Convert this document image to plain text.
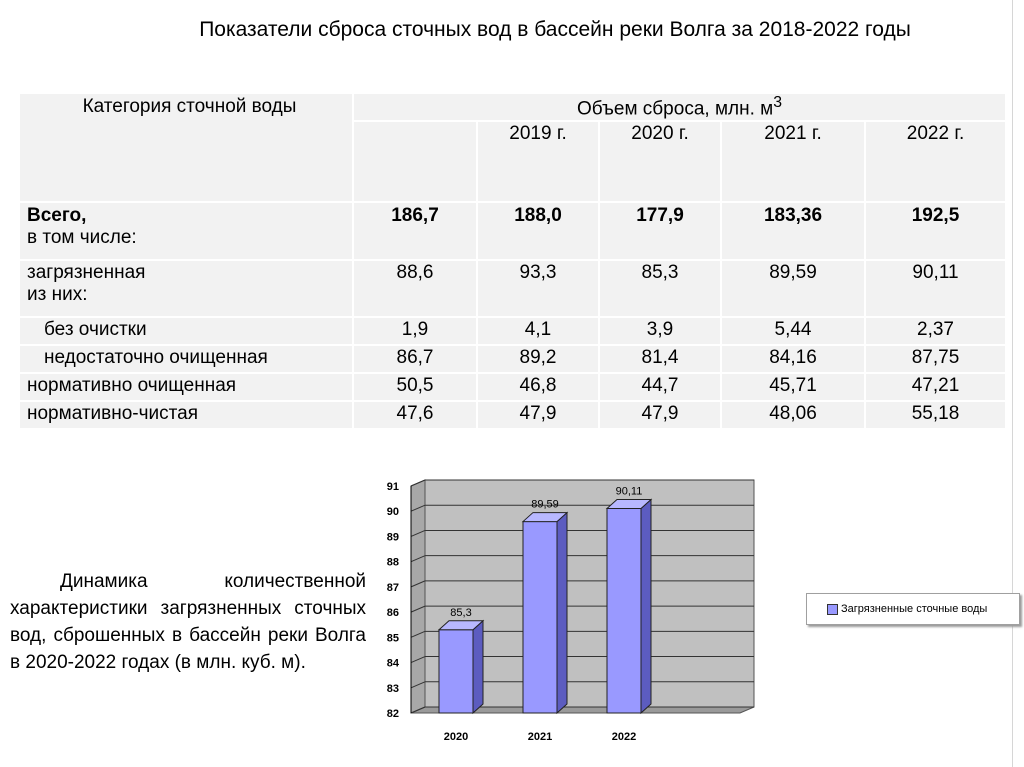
Показатели сброса сточных вод в бассейн реки Волга за 2018-2022 годы
Категория сточной воды	Объем сброса, млн. $м^3$
		2019 г.	2020 г.	2021 г.	2022 г.

Всего,
в том числе:	186,7	188,0	177,9	183,36	192,5

загрязненная
из них:	88,6	93,3	85,3	89,59	90,11
без очистки	1,9	4,1	3,9	5,44	2,37
недостаточно очищенная	86,7	89,2	81,4	84,16	87,75
нормативно очищенная	50,5	46,8	44,7	45,71	47,21
нормативно-чистая	47,6	47,9	47,9	48,06	55,18
Динамика количественной характеристики загрязненных сточных вод, сброшенных в бассейн реки Волга в 2020-2022 годах (в млн. куб. м).
82
83
84
85
86
87
88
89
90
91
85,3
2020
89,59
2021
90,11
2022
Загрязненные сточные воды
